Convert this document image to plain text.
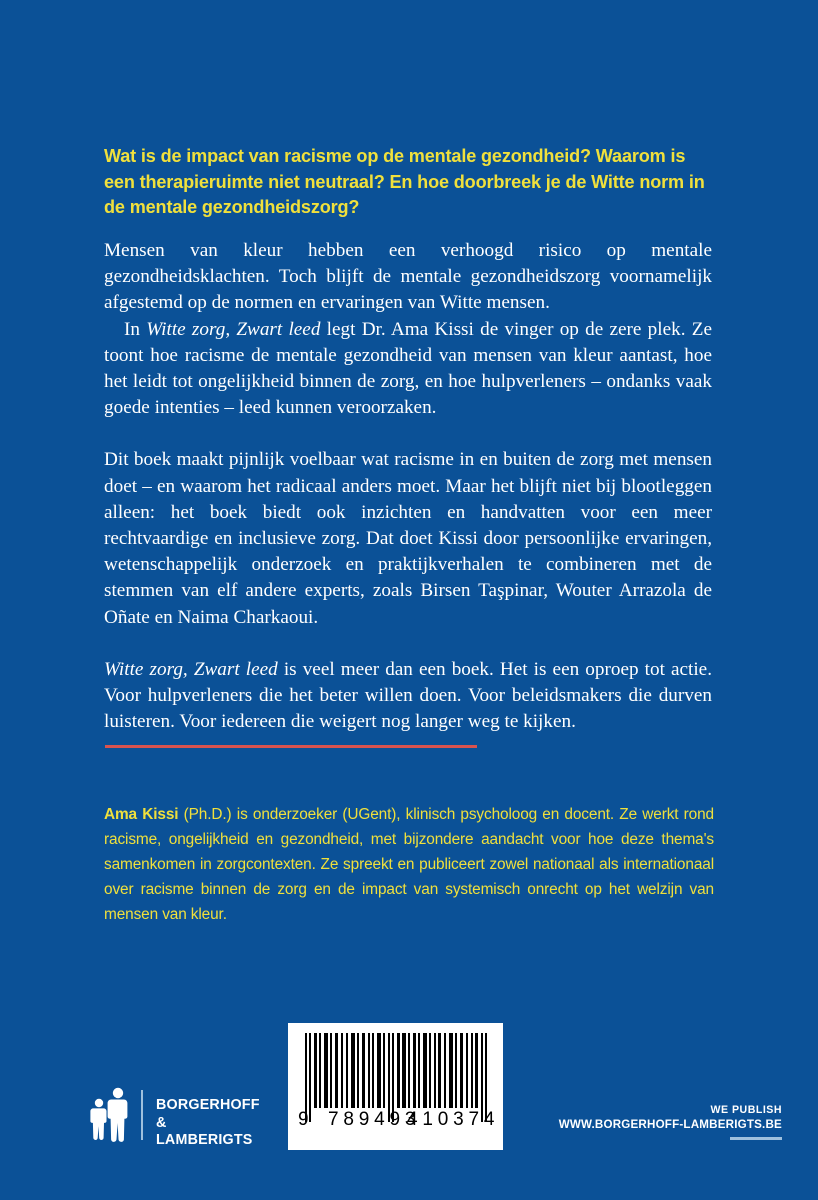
Wat is de impact van racisme op de mentale gezondheid? Waarom is een therapieruimte niet neutraal? En hoe doorbreek je de Witte norm in de mentale gezondheidszorg?

Mensen van kleur hebben een verhoogd risico op mentale gezondheidsklachten. Toch blijft de mentale gezondheidszorg voornamelijk afgestemd op de normen en ervaringen van Witte mensen.
In Witte zorg, Zwart leed legt Dr. Ama Kissi de vinger op de zere plek. Ze toont hoe racisme de mentale gezondheid van mensen van kleur aantast, hoe het leidt tot ongelijkheid binnen de zorg, en hoe hulpverleners – ondanks vaak goede intenties – leed kunnen veroorzaken.

Dit boek maakt pijnlijk voelbaar wat racisme in en buiten de zorg met mensen doet – en waarom het radicaal anders moet. Maar het blijft niet bij blootleggen alleen: het boek biedt ook inzichten en handvatten voor een meer rechtvaardige en inclusieve zorg. Dat doet Kissi door persoonlijke ervaringen, wetenschappelijk onderzoek en praktijkverhalen te combineren met de stemmen van elf andere experts, zoals Birsen Taşpinar, Wouter Arrazola de Oñate en Naima Charkaoui.

Witte zorg, Zwart leed is veel meer dan een boek. Het is een oproep tot actie. Voor hulpverleners die het beter willen doen. Voor beleidsmakers die durven luisteren. Voor iedereen die weigert nog langer weg te kijken.

Ama Kissi (Ph.D.) is onderzoeker (UGent), klinisch psycholoog en docent. Ze werkt rond racisme, ongelijkheid en gezondheid, met bijzondere aandacht voor hoe deze thema's samenkomen in zorgcontexten. Ze spreekt en publiceert zowel nationaal als internationaal over racisme binnen de zorg en de impact van systemisch onrecht op het welzijn van mensen van kleur.
9 789493
410374
BORGERHOFF
& LAMBERIGTS
WE PUBLISH
WWW.BORGERHOFF-LAMBERIGTS.BE
